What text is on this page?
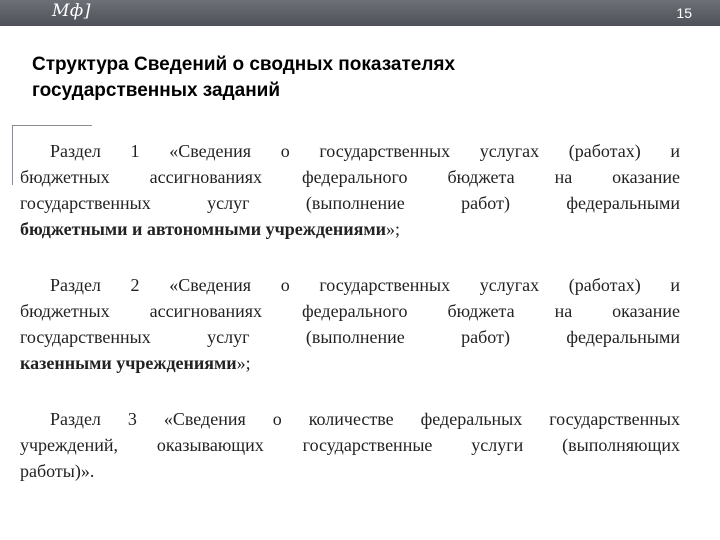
Мф]	15
Структура Сведений о сводных показателях
государственных заданий

Раздел 1 «Сведения о государственных услугах (работах) и
бюджетных ассигнованиях федерального бюджета на оказание
государственных услуг (выполнение работ) федеральными
бюджетными и автономными учреждениями»;

Раздел 2 «Сведения о государственных услугах (работах) и
бюджетных ассигнованиях федерального бюджета на оказание
государственных услуг (выполнение работ) федеральными
казенными учреждениями»;

Раздел 3 «Сведения о количестве федеральных государственных
учреждений, оказывающих государственные услуги (выполняющих
работы)».
